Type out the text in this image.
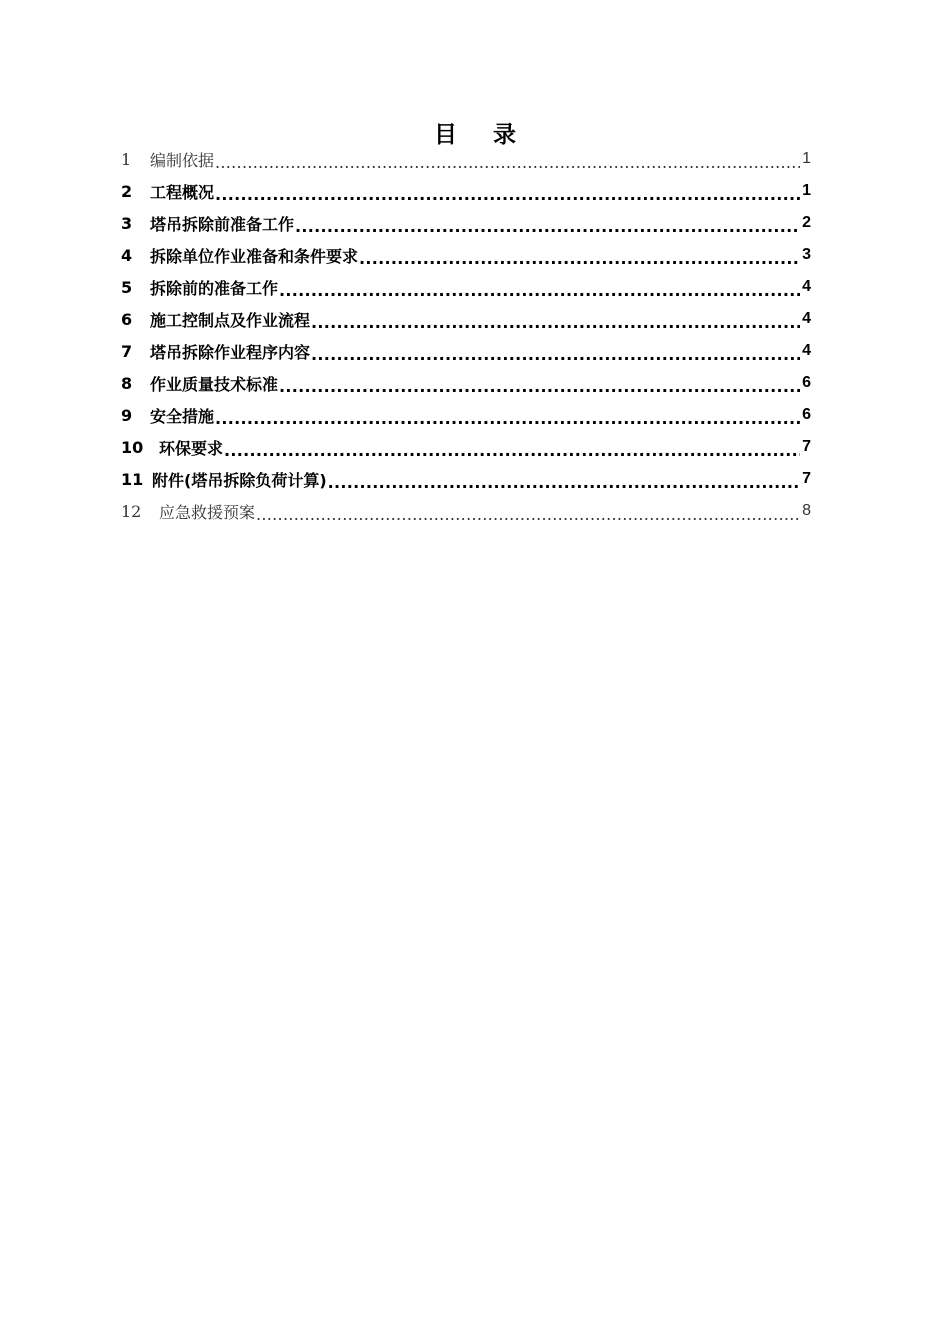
目 录
1	编制依据 .....	1
2	工程概况 .....	1
3	塔吊拆除前准备工作 .....	2
4	拆除单位作业准备和条件要求 .....	3
5	拆除前的准备工作 .....	4
6	施工控制点及作业流程 .....	4
7	塔吊拆除作业程序内容 .....	4
8	作业质量技术标准 .....	6
9	安全措施 .....	6
10 环保要求 .....	7
11 附件(塔吊拆除负荷计算) .....	7
12	应急救援预案 .....	8
